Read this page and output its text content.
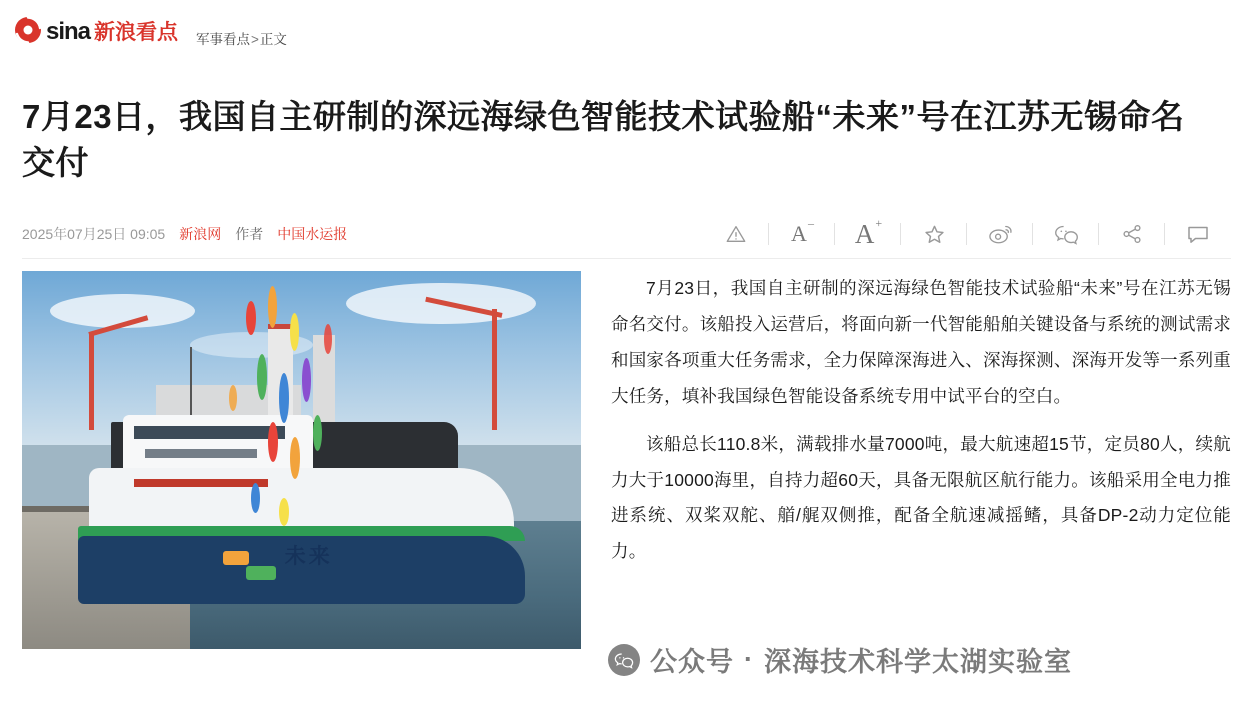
sina 新浪看点 军事看点>正文
7月23日，我国自主研制的深远海绿色智能技术试验船“未来”号在江苏无锡命名交付
2025年07月25日 09:05 新浪网 作者 中国水运报	A– A+
未来

7月23日，我国自主研制的深远海绿色智能技术试验船“未来”号在江苏无锡命名交付。该船投入运营后，将面向新一代智能船舶关键设备与系统的测试需求和国家各项重大任务需求，全力保障深海进入、深海探测、深海开发等一系列重大任务，填补我国绿色智能设备系统专用中试平台的空白。

该船总长110.8米，满载排水量7000吨，最大航速超15节，定员80人，续航力大于10000海里，自持力超60天，具备无限航区航行能力。该船采用全电力推进系统、双桨双舵、艏/艉双侧推，配备全航速减摇鳍，具备DP-2动力定位能力。

公众号 · 深海技术科学太湖实验室
